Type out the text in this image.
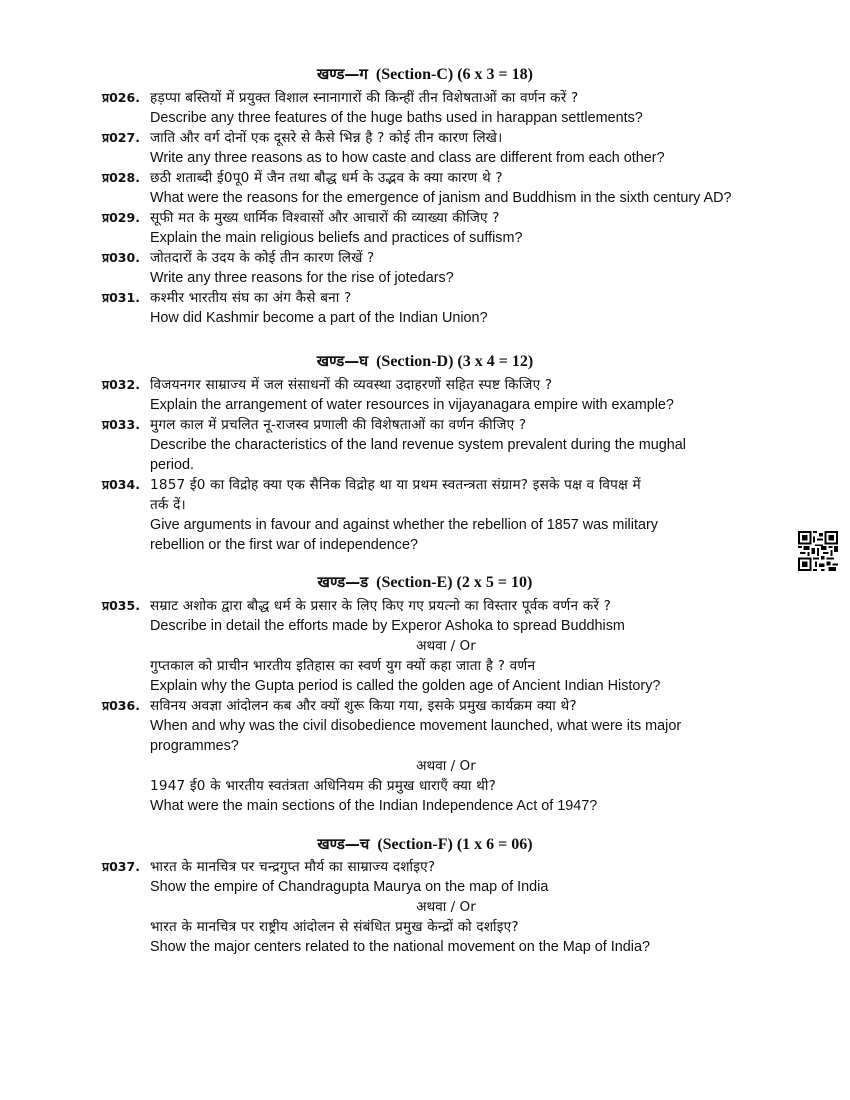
खण्ड—ग (Section-C) (6 x 3 = 18)
प्र026. हड़प्पा बस्तियों में प्रयुक्त विशाल स्नानागारों की किन्हीं तीन विशेषताओं का वर्णन करें ?
Describe any three features of the huge baths used in harappan settlements?
प्र027. जाति और वर्ग दोनों एक दूसरे से कैसे भिन्न है ? कोई तीन कारण लिखे।
Write any three reasons as to how caste and class are different from each other?
प्र028. छठी शताब्दी ई0पू0 में जैन तथा बौद्ध धर्म के उद्भव के क्या कारण थे ?
What were the reasons for the emergence of janism and Buddhism in the sixth century AD?
प्र029. सूफी मत के मुख्य धार्मिक विश्वासों और आचारों की व्याख्या कीजिए ?
Explain the main religious beliefs and practices of suffism?
प्र030. जोतदारों के उदय के कोई तीन कारण लिखें ?
Write any three reasons for the rise of jotedars?
प्र031. कश्मीर भारतीय संघ का अंग कैसे बना ?
How did Kashmir become a part of the Indian Union?
खण्ड—घ (Section-D) (3 x 4 = 12)
प्र032. विजयनगर साम्राज्य में जल संसाधनों की व्यवस्था उदाहरणों सहित स्पष्ट किजिए ?
Explain the arrangement of water resources in vijayanagara empire with example?
प्र033. मुगल काल में प्रचलित नू-राजस्व प्रणाली की विशेषताओं का वर्णन कीजिए ?
Describe the characteristics of the land revenue system prevalent during the mughal
period.
प्र034. 1857 ई0 का विद्रोह क्या एक सैनिक विद्रोह था या प्रथम स्वतन्त्रता संग्राम? इसके पक्ष व विपक्ष में
तर्क दें।
Give arguments in favour and against whether the rebellion of 1857 was military
rebellion or the first war of independence?
खण्ड—ड (Section-E) (2 x 5 = 10)
प्र035. सम्राट अशोक द्वारा बौद्ध धर्म के प्रसार के लिए किए गए प्रयत्नो का विस्तार पूर्वक वर्णन करें ?
Describe in detail the efforts made by Experor Ashoka to spread Buddhism
अथवा / Or
गुप्तकाल को प्राचीन भारतीय इतिहास का स्वर्ण युग क्यों कहा जाता है ? वर्णन
Explain why the Gupta period is called the golden age of Ancient Indian History?
प्र036. सविनय अवज्ञा आंदोलन कब और क्यों शुरू किया गया, इसके प्रमुख कार्यक्रम क्या थे?
When and why was the civil disobedience movement launched, what were its major
programmes?
अथवा / Or
1947 ई0 के भारतीय स्वतंत्रता अधिनियम की प्रमुख धाराएँ क्या थी?
What were the main sections of the Indian Independence Act of 1947?
खण्ड—च (Section-F) (1 x 6 = 06)
प्र037. भारत के मानचित्र पर चन्द्रगुप्त मौर्य का साम्राज्य दर्शाइए?
Show the empire of Chandragupta Maurya on the map of India
अथवा / Or
भारत के मानचित्र पर राष्ट्रीय आंदोलन से संबंधित प्रमुख केन्द्रों को दर्शाइए?
Show the major centers related to the national movement on the Map of India?
